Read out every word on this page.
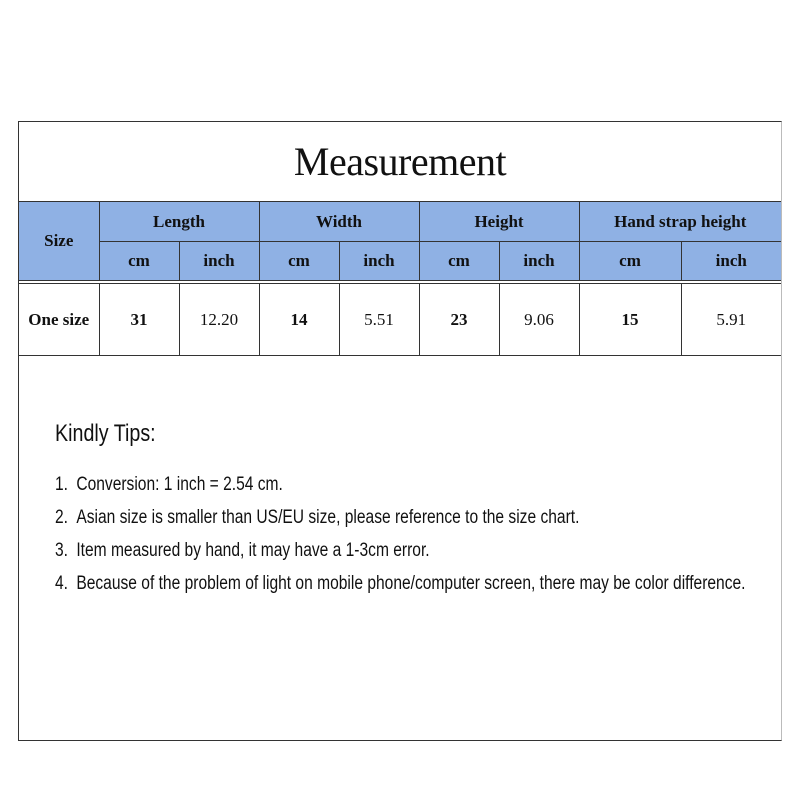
Measurement
Size	Length		Width		Height		Hand strap height	
	cm	inch	cm	inch	cm	inch	cm	inch

One size	31	12.20	14	5.51	23	9.06	15	5.91
Kindly Tips:
1. Conversion: 1 inch = 2.54 cm.
2. Asian size is smaller than US/EU size, please reference to the size chart.
3. Item measured by hand, it may have a 1-3cm error.
4. Because of the problem of light on mobile phone/computer screen, there may be color difference.
